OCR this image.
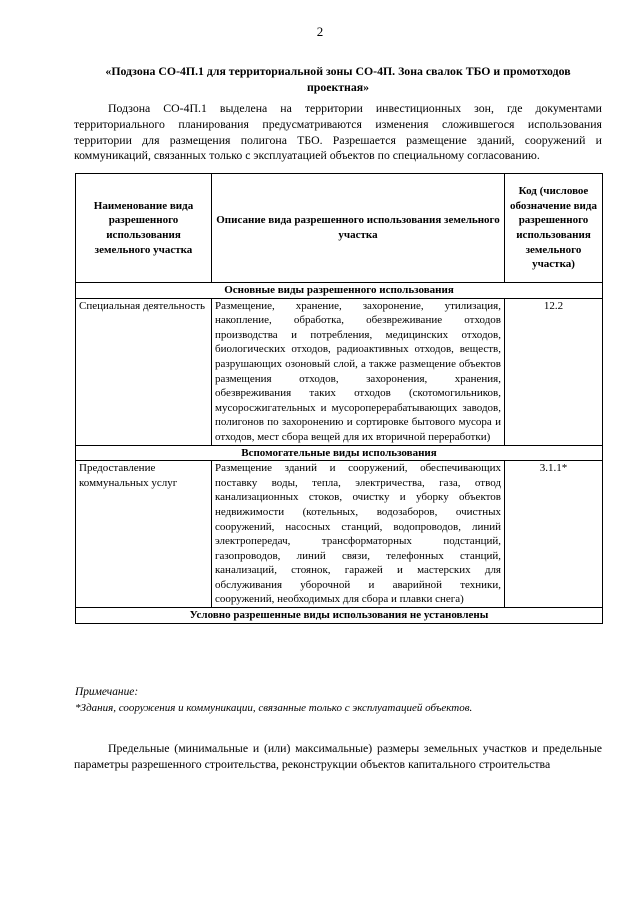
2
«Подзона СО-4П.1 для территориальной зоны СО-4П. Зона свалок ТБО и промотходов проектная»

Подзона СО-4П.1 выделена на территории инвестиционных зон, где документами территориального планирования предусматриваются изменения сложившегося использования территории для размещения полигона ТБО. Разрешается размещение зданий, сооружений и коммуникаций, связанных только с эксплуатацией объектов по специальному согласованию.

Наименование вида разрешенного использования земельного участка	Описание вида разрешенного использования земельного участка	Код (числовое обозначение вида разрешенного использования земельного участка)
Основные виды разрешенного использования		
Специальная деятельность	Размещение, хранение, захоронение, утилизация, накопление, обработка, обезвреживание отходов производства и потребления, медицинских отходов, биологических отходов, радиоактивных отходов, веществ, разрушающих озоновый слой, а также размещение объектов размещения отходов, захоронения, хранения, обезвреживания таких отходов (скотомогильников, мусоросжигательных и мусороперерабатывающих заводов, полигонов по захоронению и сортировке бытового мусора и отходов, мест сбора вещей для их вторичной переработки)	12.2
Вспомогательные виды использования		
Предоставление коммунальных услуг	Размещение зданий и сооружений, обеспечивающих поставку воды, тепла, электричества, газа, отвод канализационных стоков, очистку и уборку объектов недвижимости (котельных, водозаборов, очистных сооружений, насосных станций, водопроводов, линий электропередач, трансформаторных подстанций, газопроводов, линий связи, телефонных станций, канализаций, стоянок, гаражей и мастерских для обслуживания уборочной и аварийной техники, сооружений, необходимых для сбора и плавки снега)	3.1.1*
Условно разрешенные виды использования не установлены		
Примечание:
*Здания, сооружения и коммуникации, связанные только с эксплуатацией объектов.

Предельные (минимальные и (или) максимальные) размеры земельных участков и предельные параметры разрешенного строительства, реконструкции объектов капитального строительства
